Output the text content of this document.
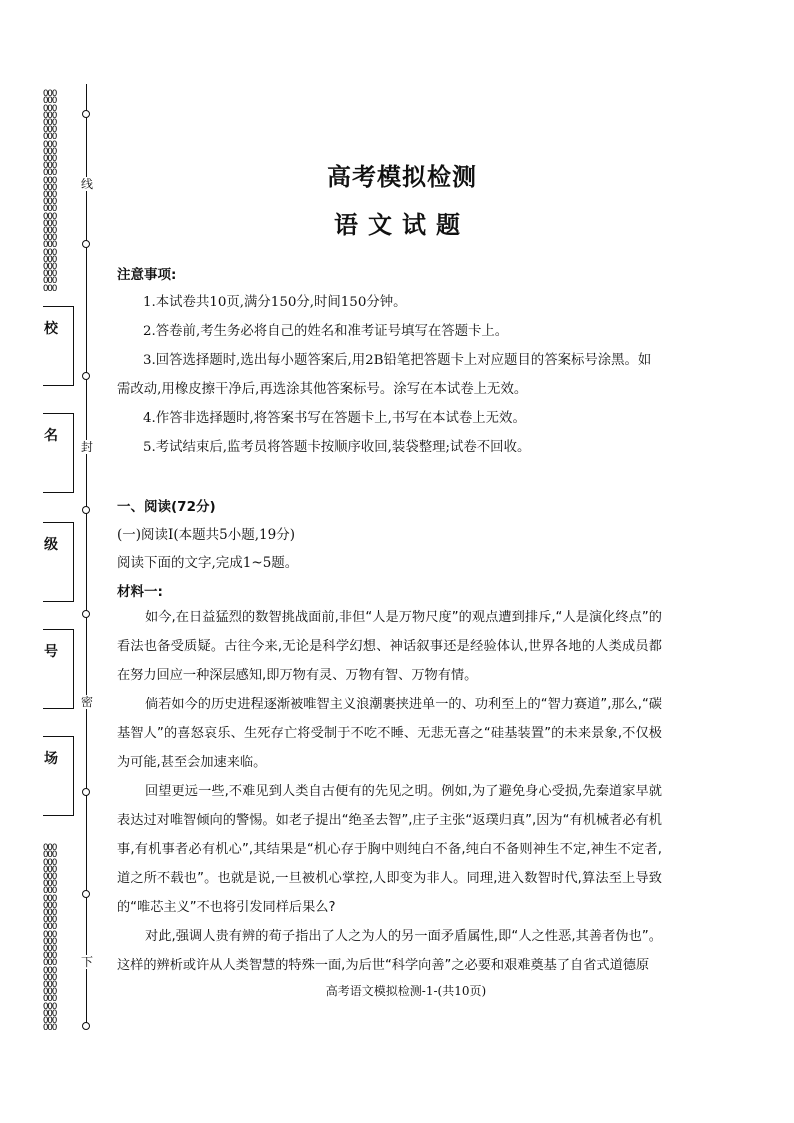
OOO
OOO
OOO
OOO
OOO
OOO
OOO
OOO
OOO
OOO
OOO
OOO
OOO
OOO
OOO
OOO
OOO
OOO
OOO
OOO
OOO
OOO
OOO
OOO
OOO
OOO
OOO
OOO

OOO
OOO
OOO
OOO
OOO
OOO
OOO
OOO
OOO
OOO
OOO
OOO
OOO
OOO
OOO
OOO
OOO
OOO
OOO
OOO
OOO
OOO
OOO
OOO
OOO
OOO
线
封
密
下
校
名
级
号
场
高考模拟检测
语文试题
注意事项:
1.本试卷共10页,满分150分,时间150分钟。
2.答卷前,考生务必将自己的姓名和准考证号填写在答题卡上。
3.回答选择题时,选出每小题答案后,用2B铅笔把答题卡上对应题目的答案标号涂黑。如需改动,用橡皮擦干净后,再选涂其他答案标号。涂写在本试卷上无效。
4.作答非选择题时,将答案书写在答题卡上,书写在本试卷上无效。
5.考试结束后,监考员将答题卡按顺序收回,装袋整理;试卷不回收。
一、阅读(72分)
(一)阅读Ⅰ(本题共5小题,19分)
阅读下面的文字,完成1~5题。
材料一:
如今,在日益猛烈的数智挑战面前,非但“人是万物尺度”的观点遭到排斥,“人是演化终点”的看法也备受质疑。古往今来,无论是科学幻想、神话叙事还是经验体认,世界各地的人类成员都在努力回应一种深层感知,即万物有灵、万物有智、万物有情。
倘若如今的历史进程逐渐被唯智主义浪潮裹挟进单一的、功利至上的“智力赛道”,那么,“碳基智人”的喜怒哀乐、生死存亡将受制于不吃不睡、无悲无喜之“硅基装置”的未来景象,不仅极为可能,甚至会加速来临。
回望更远一些,不难见到人类自古便有的先见之明。例如,为了避免身心受损,先秦道家早就表达过对唯智倾向的警惕。如老子提出“绝圣去智”,庄子主张“返璞归真”,因为“有机械者必有机事,有机事者必有机心”,其结果是“机心存于胸中则纯白不备,纯白不备则神生不定,神生不定者,道之所不载也”。也就是说,一旦被机心掌控,人即变为非人。同理,进入数智时代,算法至上导致的“唯芯主义”不也将引发同样后果么?
对此,强调人贵有辨的荀子指出了人之为人的另一面矛盾属性,即“人之性恶,其善者伪也”。这样的辨析或许从人类智慧的特殊一面,为后世“科学向善”之必要和艰难奠基了自省式道德原
高考语文模拟检测-1-(共10页)
